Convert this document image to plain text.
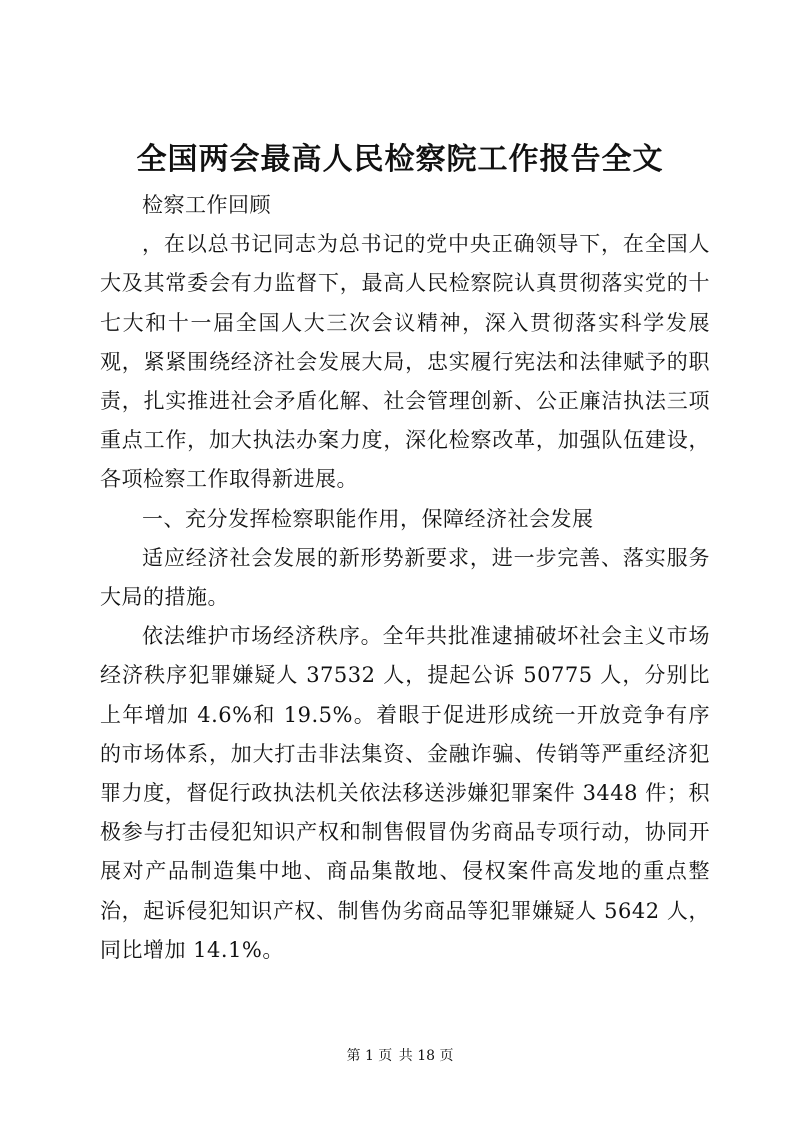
全国两会最高人民检察院工作报告全文

检察工作回顾

，在以总书记同志为总书记的党中央正确领导下，在全国人大及其常委会有力监督下，最高人民检察院认真贯彻落实党的十七大和十一届全国人大三次会议精神，深入贯彻落实科学发展观，紧紧围绕经济社会发展大局，忠实履行宪法和法律赋予的职责，扎实推进社会矛盾化解、社会管理创新、公正廉洁执法三项重点工作，加大执法办案力度，深化检察改革，加强队伍建设，各项检察工作取得新进展。

一、充分发挥检察职能作用，保障经济社会发展

适应经济社会发展的新形势新要求，进一步完善、落实服务大局的措施。

依法维护市场经济秩序。全年共批准逮捕破坏社会主义市场经济秩序犯罪嫌疑人 37532 人，提起公诉 50775 人，分别比上年增加 4.6%和 19.5%。着眼于促进形成统一开放竞争有序的市场体系，加大打击非法集资、金融诈骗、传销等严重经济犯罪力度，督促行政执法机关依法移送涉嫌犯罪案件 3448 件；积极参与打击侵犯知识产权和制售假冒伪劣商品专项行动，协同开展对产品制造集中地、商品集散地、侵权案件高发地的重点整治，起诉侵犯知识产权、制售伪劣商品等犯罪嫌疑人 5642 人，同比增加 14.1%。

第 1 页 共 18 页
